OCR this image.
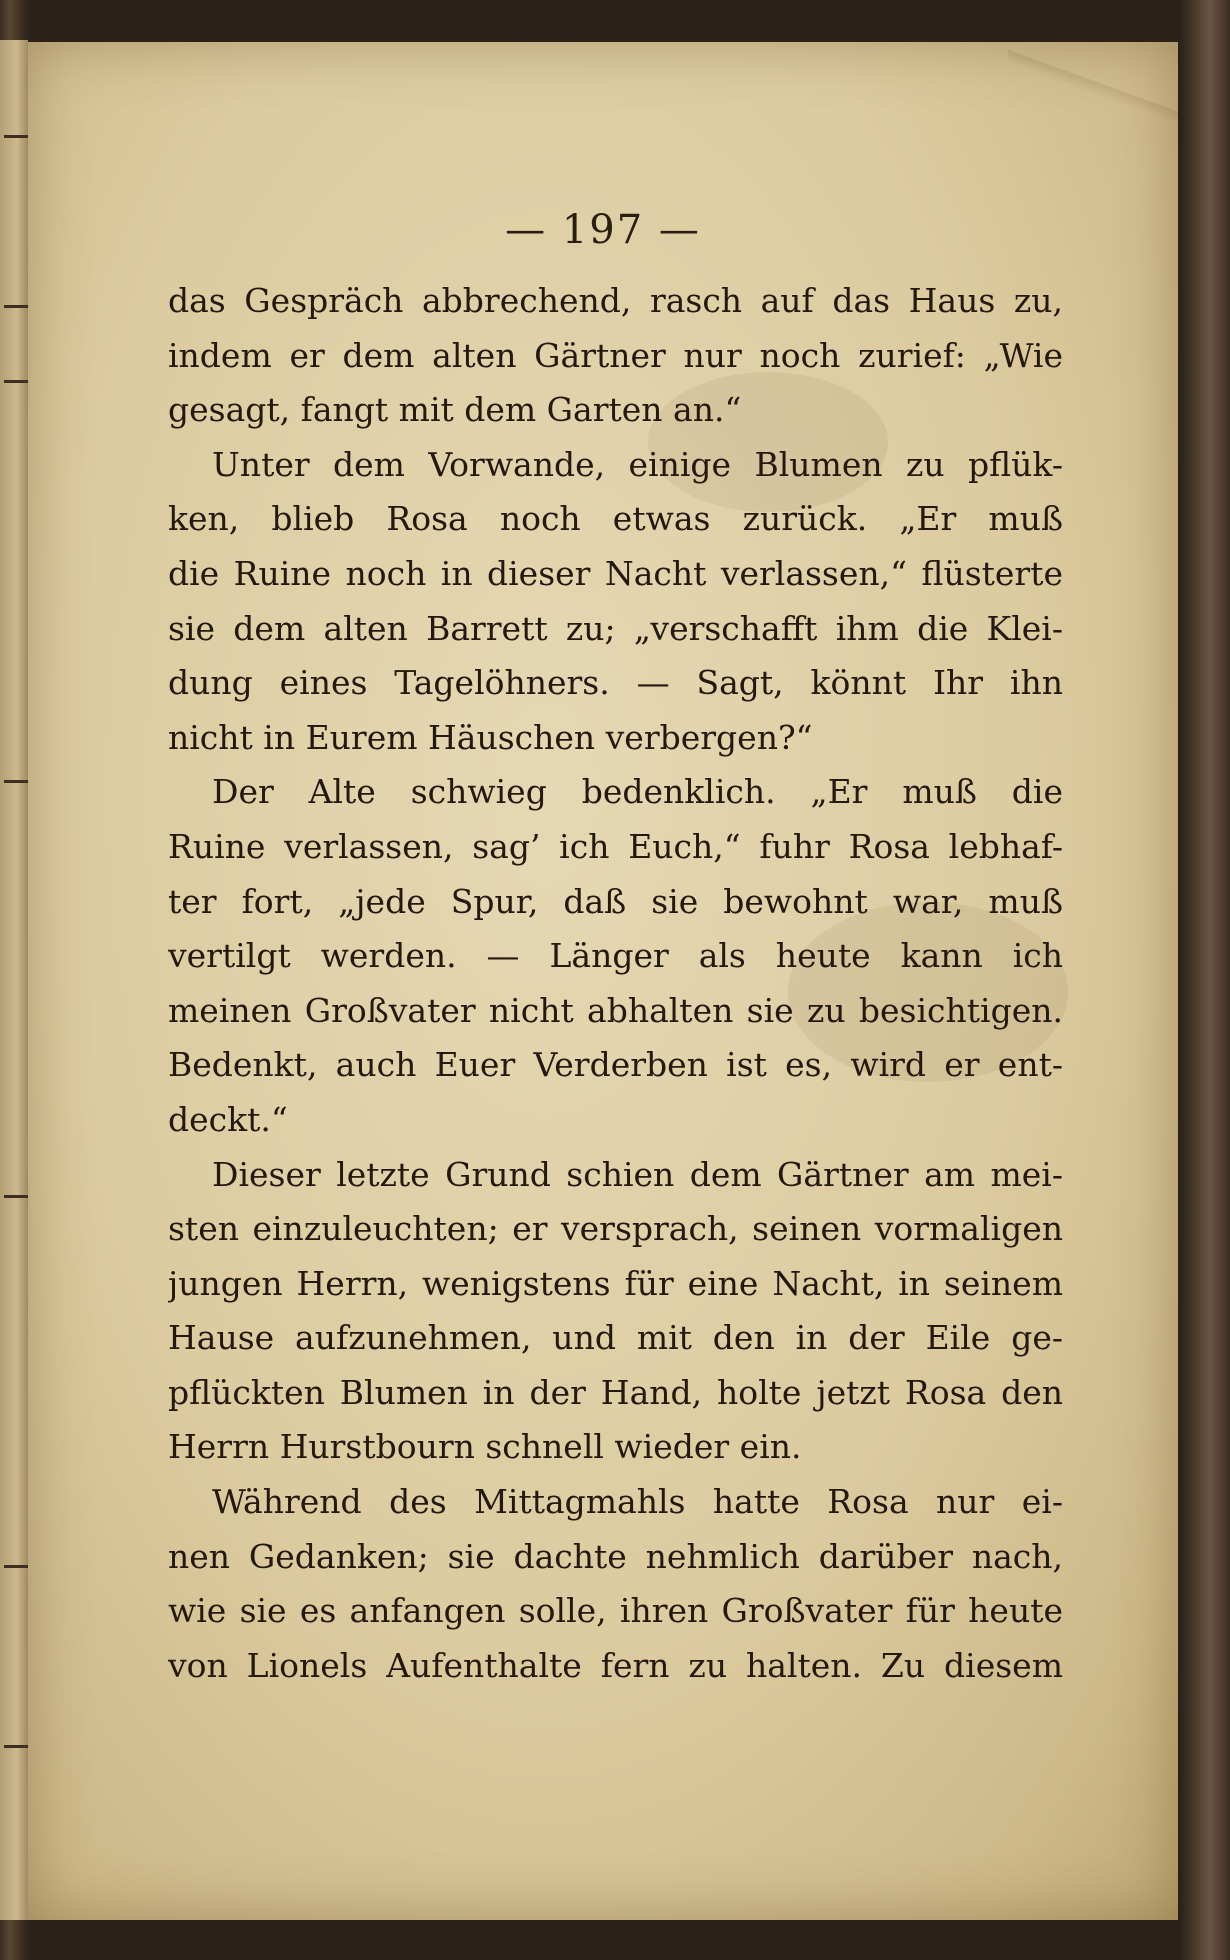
— 197 —
das Gespräch abbrechend, rasch auf das Haus zu,
indem er dem alten Gärtner nur noch zurief: „Wie
gesagt, fangt mit dem Garten an.“
Unter dem Vorwande, einige Blumen zu pflük-
ken, blieb Rosa noch etwas zurück. „Er muß
die Ruine noch in dieser Nacht verlassen,“ flüsterte
sie dem alten Barrett zu; „verschafft ihm die Klei-
dung eines Tagelöhners. — Sagt, könnt Ihr ihn
nicht in Eurem Häuschen verbergen?“
Der Alte schwieg bedenklich. „Er muß die
Ruine verlassen, sag’ ich Euch,“ fuhr Rosa lebhaf-
ter fort, „jede Spur, daß sie bewohnt war, muß
vertilgt werden. — Länger als heute kann ich
meinen Großvater nicht abhalten sie zu besichtigen.
Bedenkt, auch Euer Verderben ist es, wird er ent-
deckt.“
Dieser letzte Grund schien dem Gärtner am mei-
sten einzuleuchten; er versprach, seinen vormaligen
jungen Herrn, wenigstens für eine Nacht, in seinem
Hause aufzunehmen, und mit den in der Eile ge-
pflückten Blumen in der Hand, holte jetzt Rosa den
Herrn Hurstbourn schnell wieder ein.
Während des Mittagmahls hatte Rosa nur ei-
nen Gedanken; sie dachte nehmlich darüber nach,
wie sie es anfangen solle, ihren Großvater für heute
von Lionels Aufenthalte fern zu halten. Zu diesem
